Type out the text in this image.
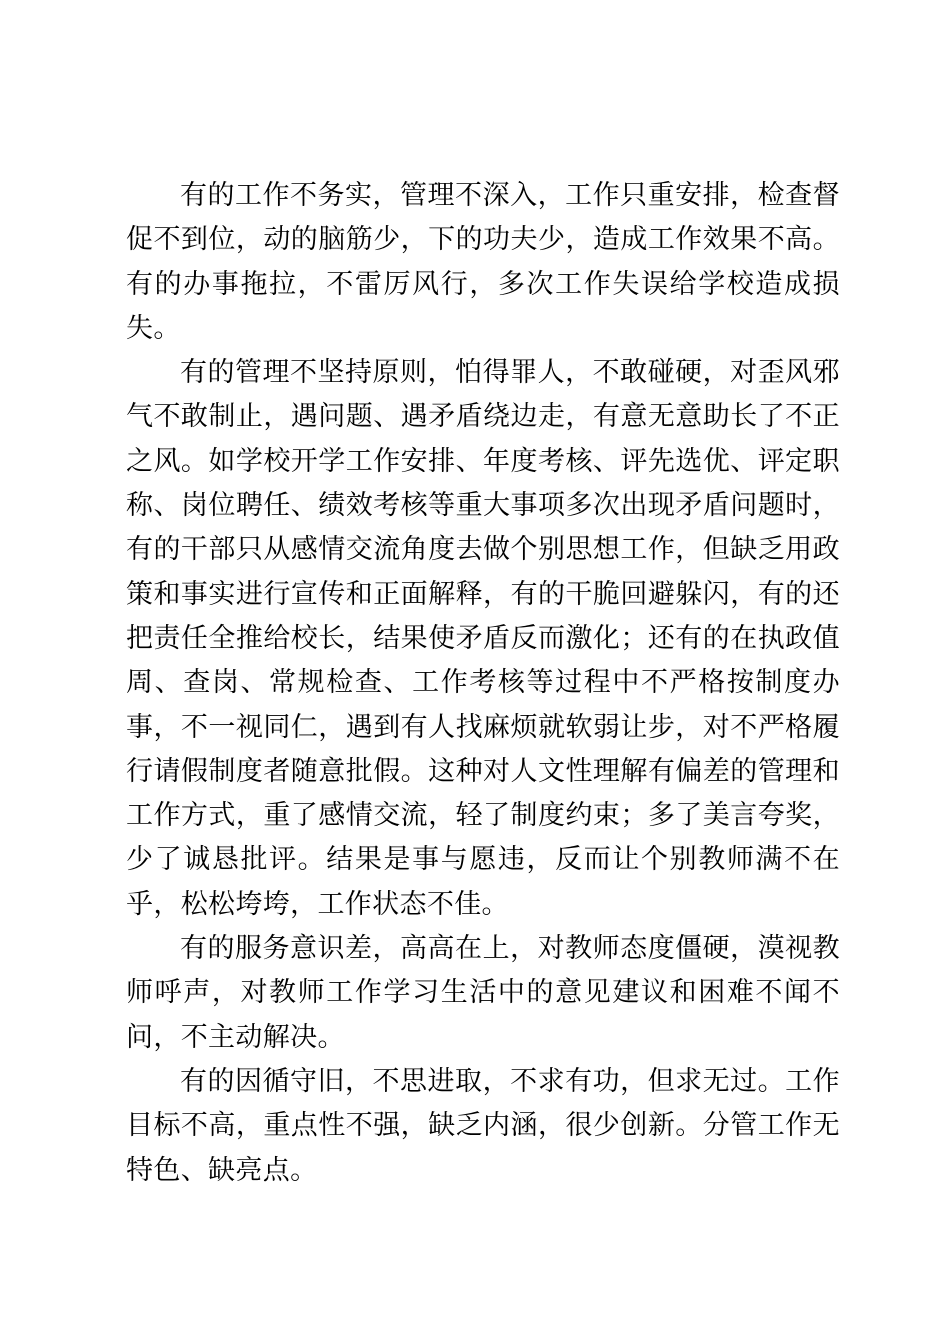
有的工作不务实，管理不深入，工作只重安排，检查督促不到位，动的脑筋少，下的功夫少，造成工作效果不高。有的办事拖拉，不雷厉风行，多次工作失误给学校造成损失。

有的管理不坚持原则，怕得罪人，不敢碰硬，对歪风邪气不敢制止，遇问题、遇矛盾绕边走，有意无意助长了不正之风。如学校开学工作安排、年度考核、评先选优、评定职称、岗位聘任、绩效考核等重大事项多次出现矛盾问题时，有的干部只从感情交流角度去做个别思想工作，但缺乏用政策和事实进行宣传和正面解释，有的干脆回避躲闪，有的还把责任全推给校长，结果使矛盾反而激化；还有的在执政值周、查岗、常规检查、工作考核等过程中不严格按制度办事，不一视同仁，遇到有人找麻烦就软弱让步，对不严格履行请假制度者随意批假。这种对人文性理解有偏差的管理和工作方式，重了感情交流，轻了制度约束；多了美言夸奖，少了诚恳批评。结果是事与愿违，反而让个别教师满不在乎，松松垮垮，工作状态不佳。

有的服务意识差，高高在上，对教师态度僵硬，漠视教师呼声，对教师工作学习生活中的意见建议和困难不闻不问，不主动解决。

有的因循守旧，不思进取，不求有功，但求无过。工作目标不高，重点性不强，缺乏内涵，很少创新。分管工作无特色、缺亮点。
